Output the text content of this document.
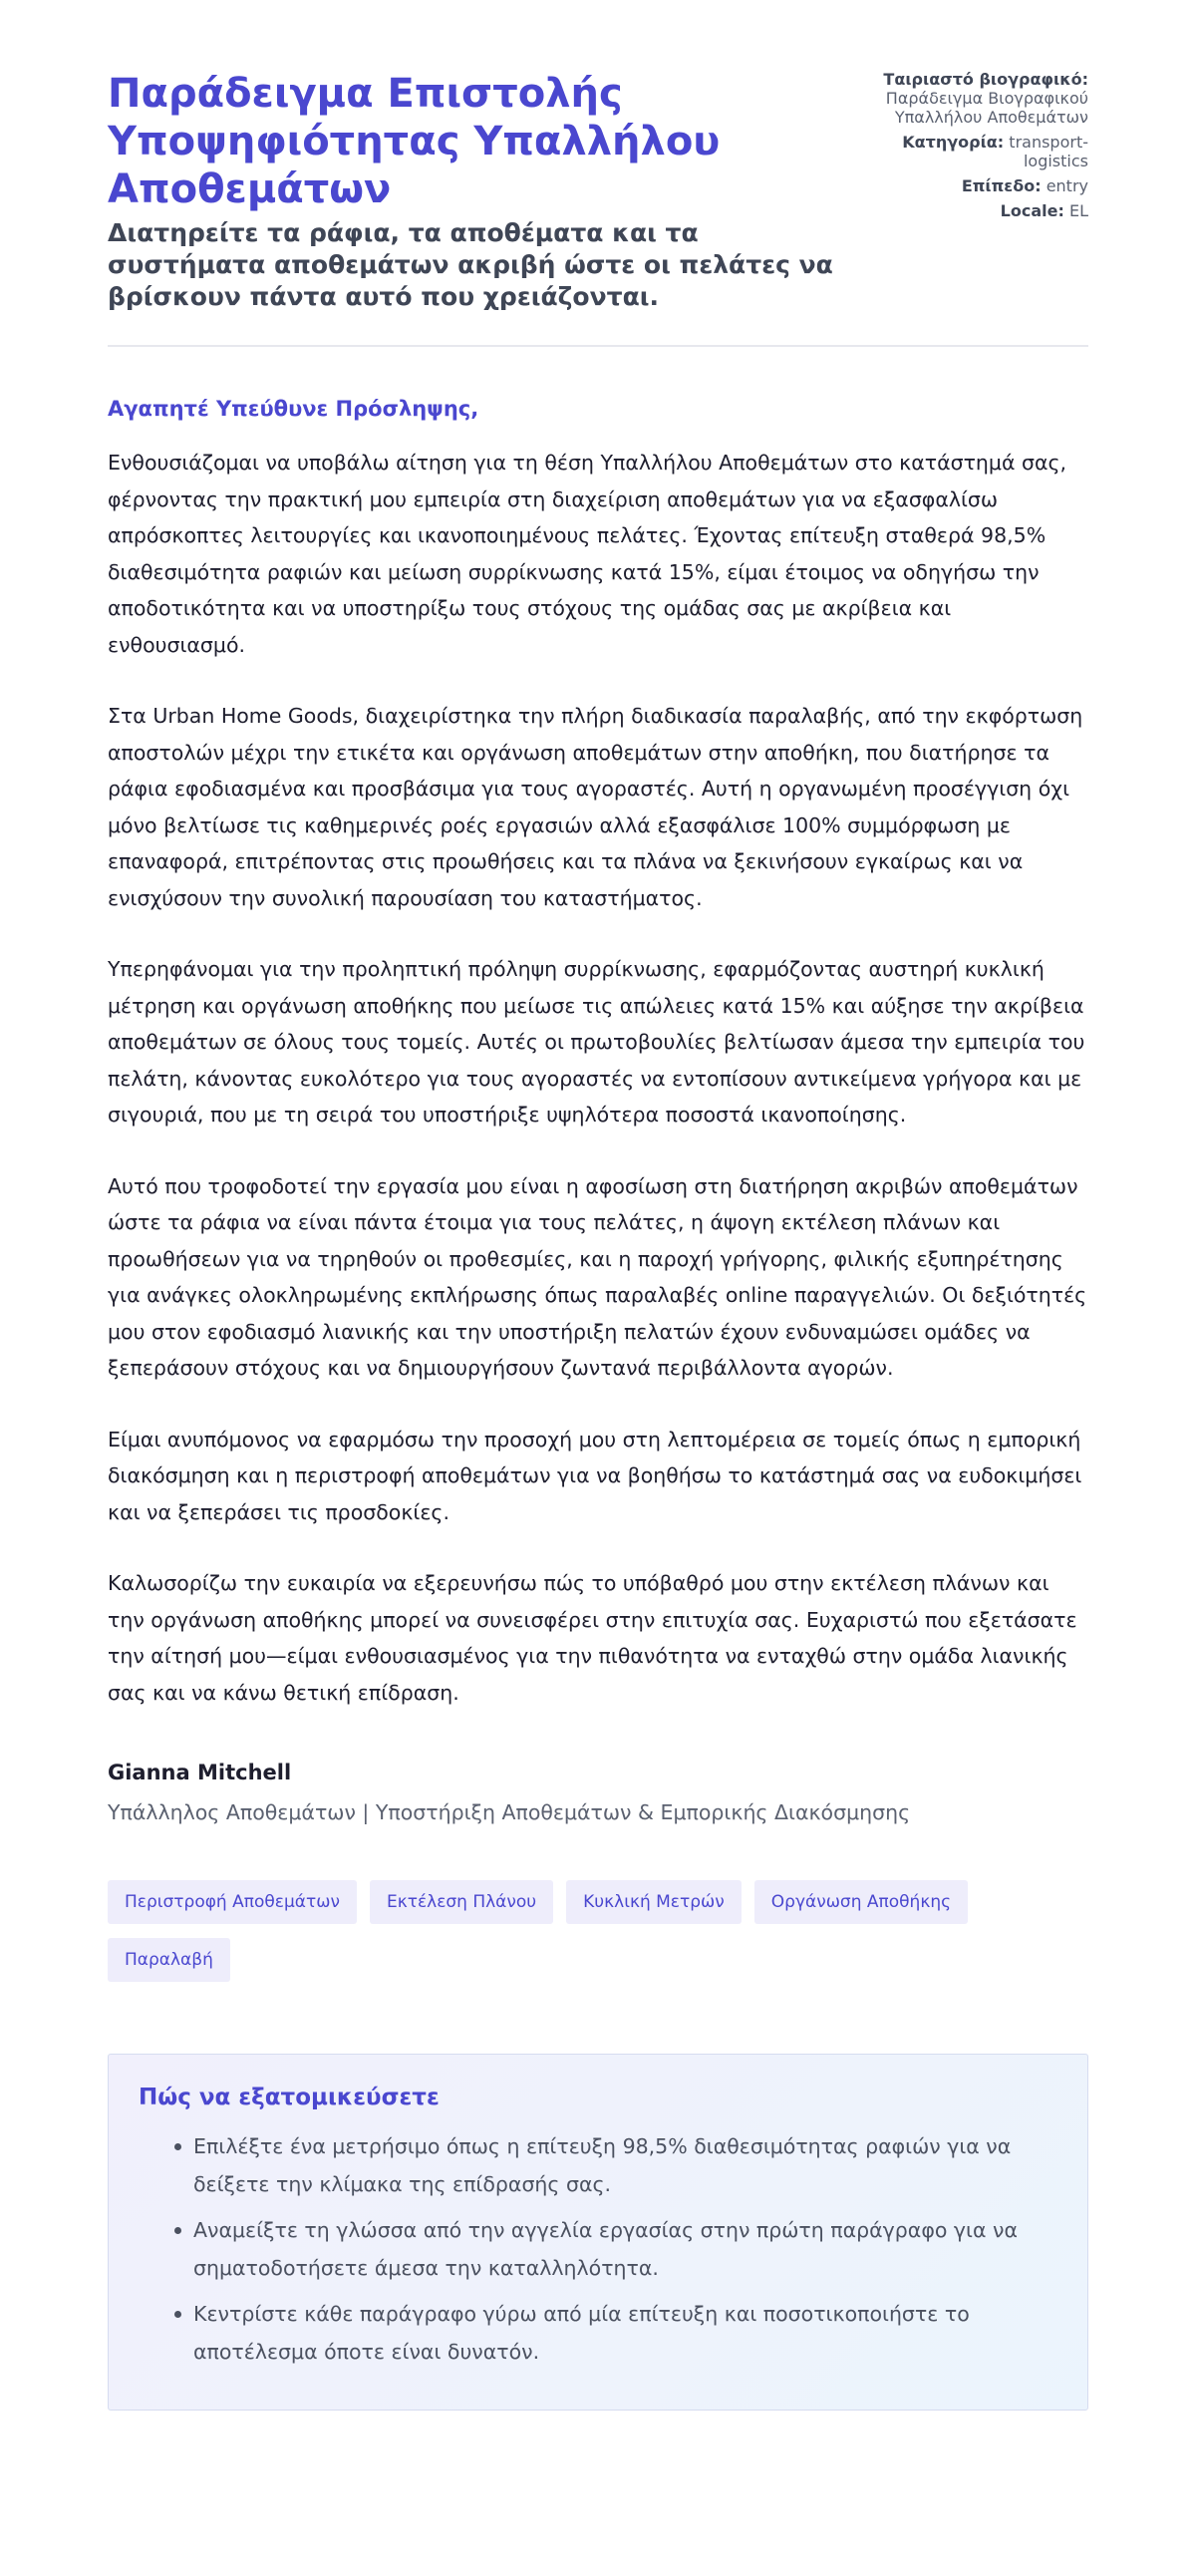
Παράδειγμα Επιστολής Υποψηφιότητας Υπαλλήλου Αποθεμάτων
Διατηρείτε τα ράφια, τα αποθέματα και τα συστήματα αποθεμάτων ακριβή ώστε οι πελάτες να βρίσκουν πάντα αυτό που χρειάζονται.
Ταιριαστό βιογραφικό: Παράδειγμα Βιογραφικού Υπαλλήλου Αποθεμάτων
Κατηγορία: transport-logistics
Επίπεδο: entry
Locale: EL
Αγαπητέ Υπεύθυνε Πρόσληψης,

Ενθουσιάζομαι να υποβάλω αίτηση για τη θέση Υπαλλήλου Αποθεμάτων στο κατάστημά σας, φέρνοντας την πρακτική μου εμπειρία στη διαχείριση αποθεμάτων για να εξασφαλίσω απρόσκοπτες λειτουργίες και ικανοποιημένους πελάτες. Έχοντας επίτευξη σταθερά 98,5% διαθεσιμότητα ραφιών και μείωση συρρίκνωσης κατά 15%, είμαι έτοιμος να οδηγήσω την αποδοτικότητα και να υποστηρίξω τους στόχους της ομάδας σας με ακρίβεια και ενθουσιασμό.

Στα Urban Home Goods, διαχειρίστηκα την πλήρη διαδικασία παραλαβής, από την εκφόρτωση αποστολών μέχρι την ετικέτα και οργάνωση αποθεμάτων στην αποθήκη, που διατήρησε τα ράφια εφοδιασμένα και προσβάσιμα για τους αγοραστές. Αυτή η οργανωμένη προσέγγιση όχι μόνο βελτίωσε τις καθημερινές ροές εργασιών αλλά εξασφάλισε 100% συμμόρφωση με επαναφορά, επιτρέποντας στις προωθήσεις και τα πλάνα να ξεκινήσουν εγκαίρως και να ενισχύσουν την συνολική παρουσίαση του καταστήματος.

Υπερηφάνομαι για την προληπτική πρόληψη συρρίκνωσης, εφαρμόζοντας αυστηρή κυκλική μέτρηση και οργάνωση αποθήκης που μείωσε τις απώλειες κατά 15% και αύξησε την ακρίβεια αποθεμάτων σε όλους τους τομείς. Αυτές οι πρωτοβουλίες βελτίωσαν άμεσα την εμπειρία του πελάτη, κάνοντας ευκολότερο για τους αγοραστές να εντοπίσουν αντικείμενα γρήγορα και με σιγουριά, που με τη σειρά του υποστήριξε υψηλότερα ποσοστά ικανοποίησης.

Αυτό που τροφοδοτεί την εργασία μου είναι η αφοσίωση στη διατήρηση ακριβών αποθεμάτων ώστε τα ράφια να είναι πάντα έτοιμα για τους πελάτες, η άψογη εκτέλεση πλάνων και προωθήσεων για να τηρηθούν οι προθεσμίες, και η παροχή γρήγορης, φιλικής εξυπηρέτησης για ανάγκες ολοκληρωμένης εκπλήρωσης όπως παραλαβές online παραγγελιών. Οι δεξιότητές μου στον εφοδιασμό λιανικής και την υποστήριξη πελατών έχουν ενδυναμώσει ομάδες να ξεπεράσουν στόχους και να δημιουργήσουν ζωντανά περιβάλλοντα αγορών.

Είμαι ανυπόμονος να εφαρμόσω την προσοχή μου στη λεπτομέρεια σε τομείς όπως η εμπορική διακόσμηση και η περιστροφή αποθεμάτων για να βοηθήσω το κατάστημά σας να ευδοκιμήσει και να ξεπεράσει τις προσδοκίες.

Καλωσορίζω την ευκαιρία να εξερευνήσω πώς το υπόβαθρό μου στην εκτέλεση πλάνων και την οργάνωση αποθήκης μπορεί να συνεισφέρει στην επιτυχία σας. Ευχαριστώ που εξετάσατε την αίτησή μου—είμαι ενθουσιασμένος για την πιθανότητα να ενταχθώ στην ομάδα λιανικής σας και να κάνω θετική επίδραση.

Gianna Mitchell
Υπάλληλος Αποθεμάτων | Υποστήριξη Αποθεμάτων & Εμπορικής Διακόσμησης
Περιστροφή Αποθεμάτων	Εκτέλεση Πλάνου	Κυκλική Μετρών	Οργάνωση Αποθήκης
Παραλαβή
Πώς να εξατομικεύσετε
Επιλέξτε ένα μετρήσιμο όπως η επίτευξη 98,5% διαθεσιμότητας ραφιών για να δείξετε την κλίμακα της επίδρασής σας.
Αναμείξτε τη γλώσσα από την αγγελία εργασίας στην πρώτη παράγραφο για να σηματοδοτήσετε άμεσα την καταλληλότητα.
Κεντρίστε κάθε παράγραφο γύρω από μία επίτευξη και ποσοτικοποιήστε το αποτέλεσμα όποτε είναι δυνατόν.
